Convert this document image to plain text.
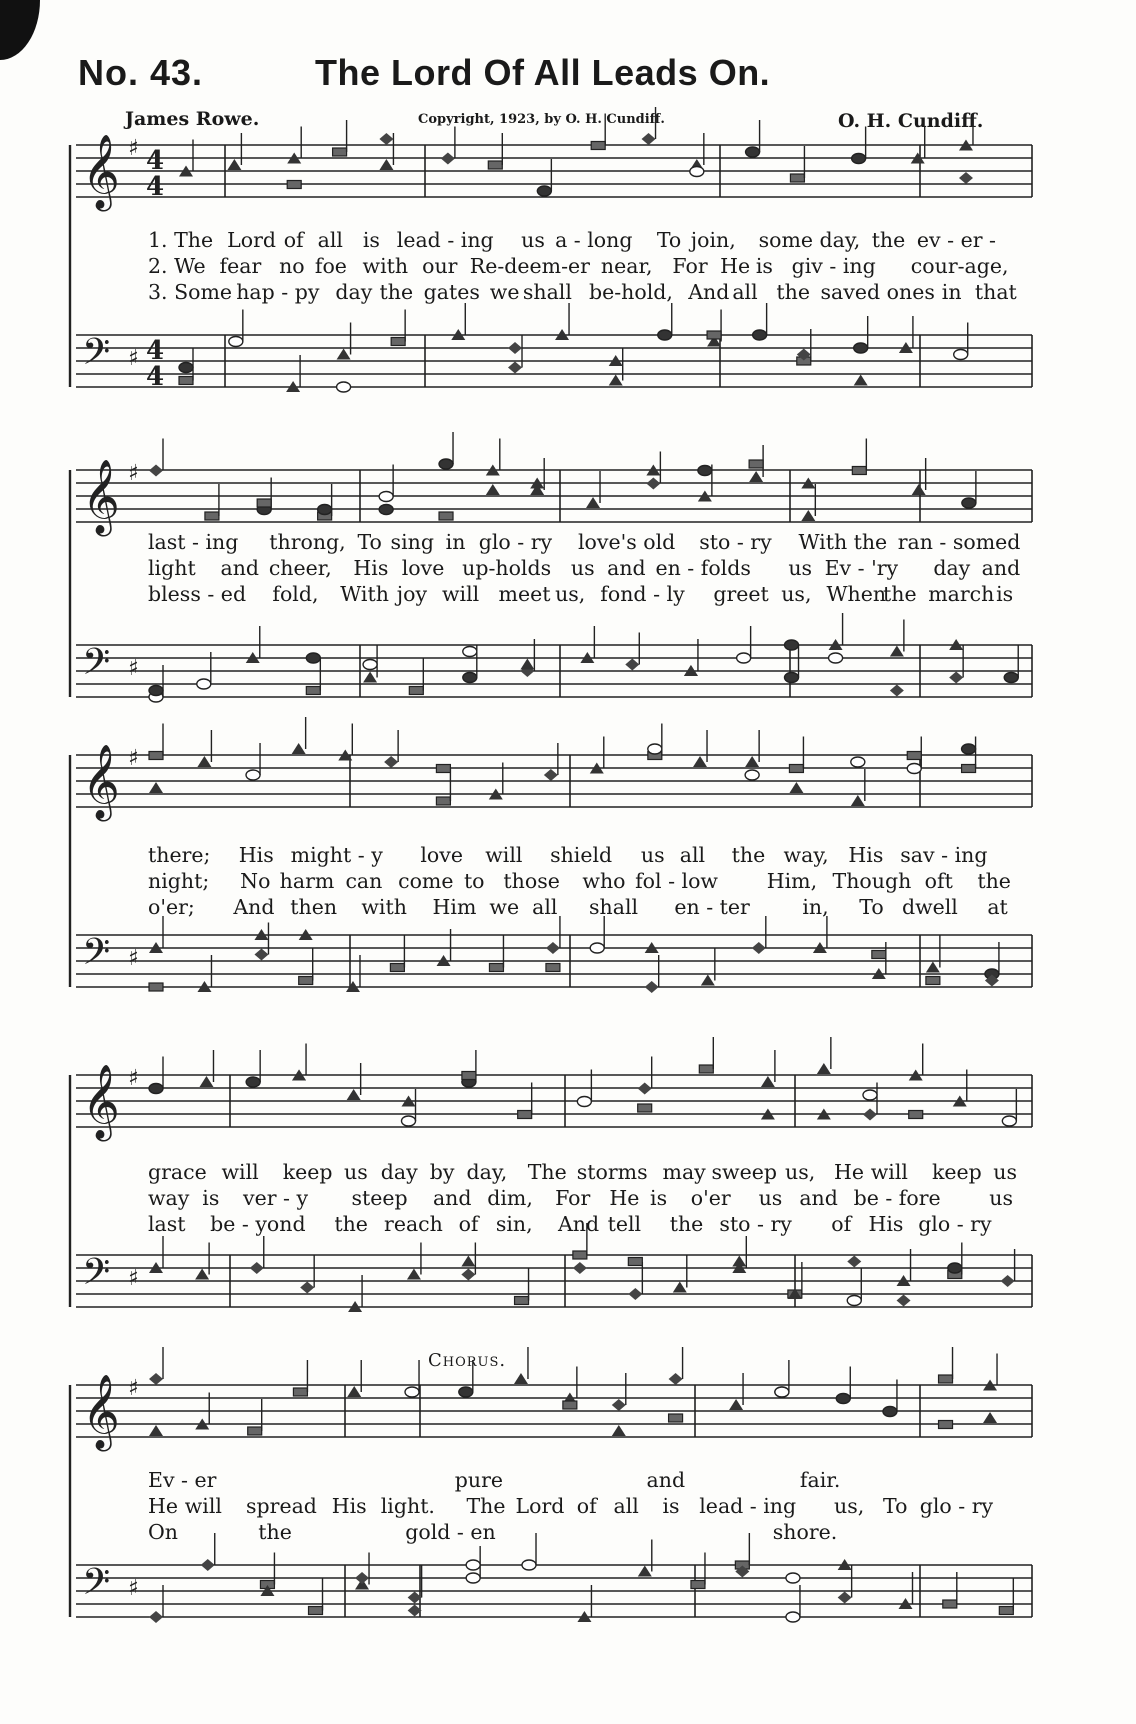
No. 43.	The Lord Of All Leads On.
James Rowe.	Copyright, 1923, by O. H. Cundiff.	O. H. Cundiff.
Chorus.
𝄞 ♯ 4
4
𝄢 ♯ 4
4
𝄞 ♯
𝄢 ♯
𝄞 ♯
𝄢 ♯
𝄞 ♯
𝄢 ♯
𝄞 ♯
𝄢 ♯
1. The Lord of all is lead - ing us a - long To join, some day, the ev - er -
2. We fear no foe with our Re-deem-er near, For He is giv - ing cour-age,
3. Some hap - py day the gates we shall be-hold, And all the saved ones in that
last - ing throng, To sing in glo - ry love's old sto - ry With the ran - somed
light and cheer, His love up-holds us and en - folds us Ev - 'ry day and
bless - ed fold, With joy will meet us, fond - ly greet us, When
the march is
there; His might - y love will shield us all the way, His sav - ing
night; No harm can come to those who fol - low Him, Though oft the
o'er; And then with Him we all shall en - ter	in, To dwell at
grace will keep us day by day, The storms may sweep us, He will keep us
way is ver - y steep and dim, For He is o'er us and be - fore us
last be - yond the reach of sin, And tell the sto - ry of His glo - ry
Ev - er	pure	and	fair.
He will spread His light. The Lord of all is lead - ing us, To glo - ry
On	the	gold - en	shore.
